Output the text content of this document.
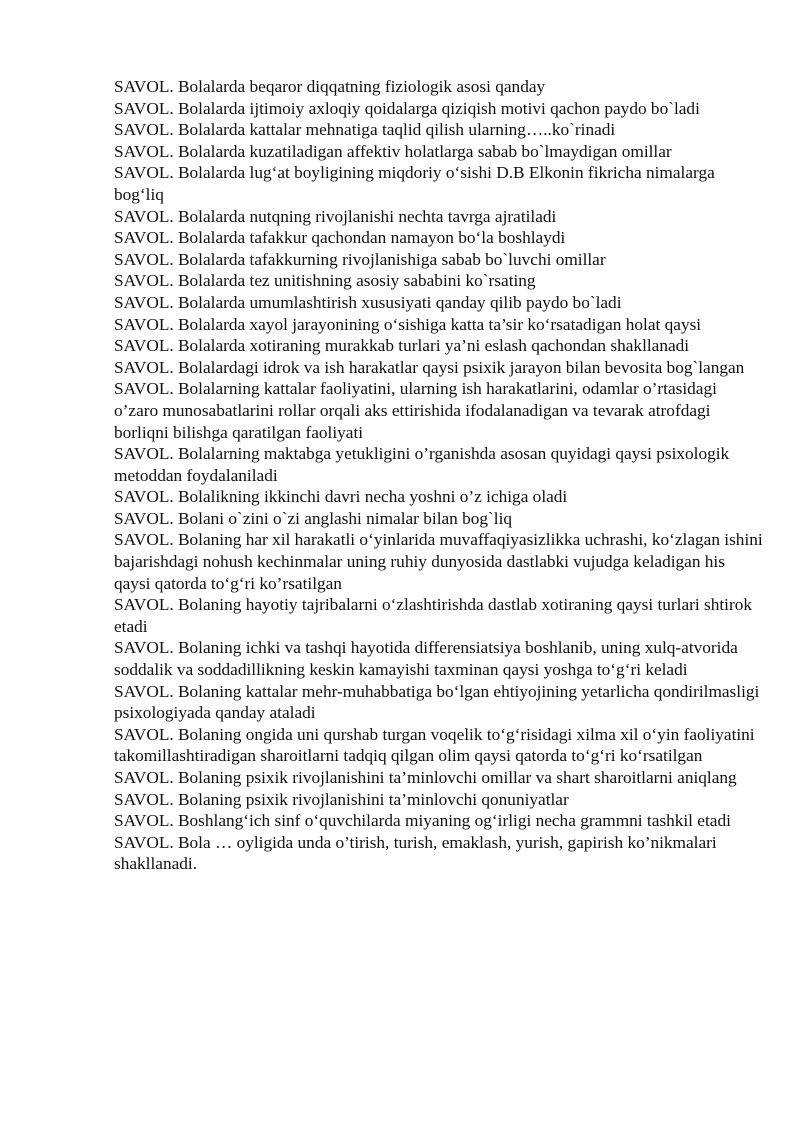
SAVOL. Bolalarda beqaror diqqatning fiziologik asosi qanday

SAVOL. Bolalarda ijtimoiy axloqiy qoidalarga qiziqish motivi qachon paydo bo`ladi

SAVOL. Bolalarda kattalar mehnatiga taqlid qilish ularning…..ko`rinadi

SAVOL. Bolalarda kuzatiladigan affektiv holatlarga sabab bo`lmaydigan omillar

SAVOL. Bolalarda lug‘at boyligining miqdoriy o‘sishi D.B Elkonin fikricha nimalarga bog‘liq

SAVOL. Bolalarda nutqning rivojlanishi nechta tavrga ajratiladi

SAVOL. Bolalarda tafakkur qachondan namayon bo‘la boshlaydi

SAVOL. Bolalarda tafakkurning rivojlanishiga sabab bo`luvchi omillar

SAVOL. Bolalarda tez unitishning asosiy sababini ko`rsating

SAVOL. Bolalarda umumlashtirish xususiyati qanday qilib paydo bo`ladi

SAVOL. Bolalarda xayol jarayonining o‘sishiga katta ta’sir ko‘rsatadigan holat qaysi

SAVOL. Bolalarda xotiraning murakkab turlari ya’ni eslash qachondan shakllanadi

SAVOL. Bolalardagi idrok va ish harakatlar qaysi psixik jarayon bilan bevosita bog`langan

SAVOL. Bolalarning kattalar faoliyatini, ularning ish harakatlarini, odamlar o’rtasidagi o’zaro munosabatlarini rollar orqali aks ettirishida ifodalanadigan va tevarak atrofdagi borliqni bilishga qaratilgan faoliyati

SAVOL. Bolalarning maktabga yetukligini o’rganishda asosan quyidagi qaysi psixologik metoddan foydalaniladi

SAVOL. Bolalikning ikkinchi davri necha yoshni o’z ichiga oladi

SAVOL. Bolani o`zini o`zi anglashi nimalar bilan bog`liq

SAVOL. Bolaning har xil harakatli o‘yinlarida muvaffaqiyasizlikka uchrashi, ko‘zlagan ishini bajarishdagi nohush kechinmalar uning ruhiy dunyosida dastlabki vujudga keladigan his qaysi qatorda to‘g‘ri ko’rsatilgan

SAVOL. Bolaning hayotiy tajribalarni o‘zlashtirishda dastlab xotiraning qaysi turlari shtirok etadi

SAVOL. Bolaning ichki va tashqi hayotida differensiatsiya boshlanib, uning xulq-atvorida soddalik va soddadillikning keskin kamayishi taxminan qaysi yoshga to‘g‘ri keladi

SAVOL. Bolaning kattalar mehr-muhabbatiga bo‘lgan ehtiyojining yetarlicha qondirilmasligi psixologiyada qanday ataladi

SAVOL. Bolaning ongida uni qurshab turgan voqelik to‘g‘risidagi xilma xil o‘yin faoliyatini takomillashtiradigan sharoitlarni tadqiq qilgan olim qaysi qatorda to‘g‘ri ko‘rsatilgan

SAVOL. Bolaning psixik rivojlanishini ta’minlovchi omillar va shart sharoitlarni aniqlang

SAVOL. Bolaning psixik rivojlanishini ta’minlovchi qonuniyatlar

SAVOL. Boshlang‘ich sinf o‘quvchilarda miyaning og‘irligi necha grammni tashkil etadi

SAVOL. Bola … oyligida unda o’tirish, turish, emaklash, yurish, gapirish ko’nikmalari shakllanadi.
